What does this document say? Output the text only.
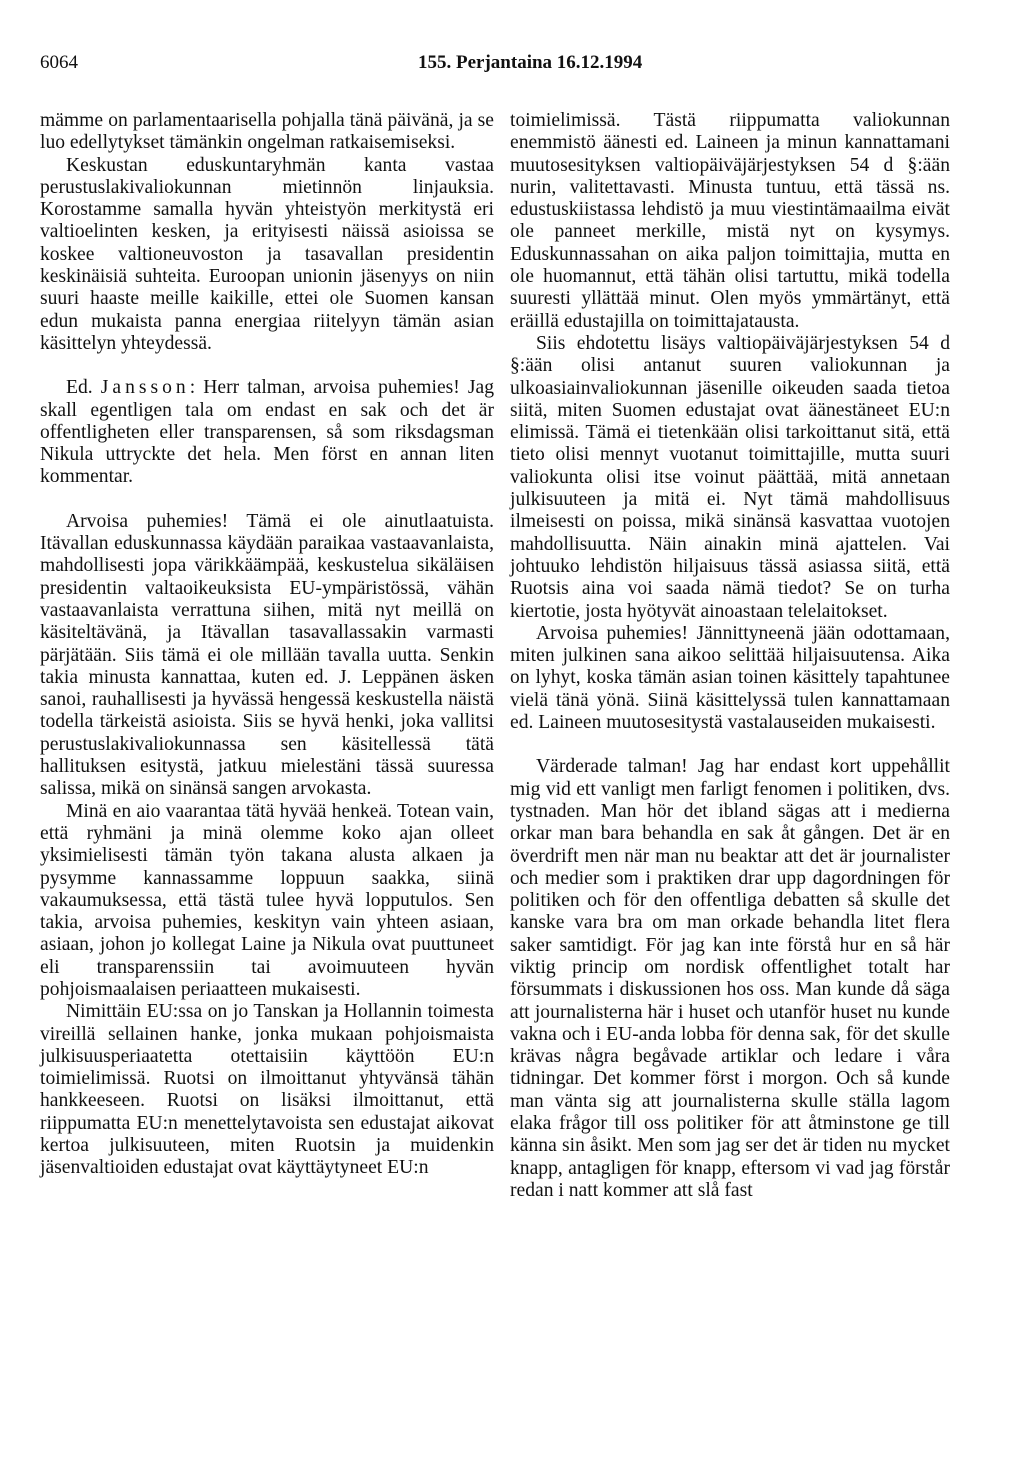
6064	155. Perjantaina 16.12.1994

mämme on parlamentaarisella pohjalla tänä päivänä, ja se luo edellytykset tämänkin ongelman ratkaisemiseksi.

Keskustan eduskuntaryhmän kanta vastaa perustuslakivaliokunnan mietinnön linjauksia. Korostamme samalla hyvän yhteistyön merkitystä eri valtioelinten kesken, ja erityisesti näissä asioissa se koskee valtioneuvoston ja tasavallan presidentin keskinäisiä suhteita. Euroopan unionin jäsenyys on niin suuri haaste meille kaikille, ettei ole Suomen kansan edun mukaista panna energiaa riitelyyn tämän asian käsittelyn yhteydessä.

Ed. Jansson: Herr talman, arvoisa puhemies! Jag skall egentligen tala om endast en sak och det är offentligheten eller transparensen, så som riksdagsman Nikula uttryckte det hela. Men först en annan liten kommentar.

Arvoisa puhemies! Tämä ei ole ainutlaatuista. Itävallan eduskunnassa käydään paraikaa vastaavanlaista, mahdollisesti jopa värikkäämpää, keskustelua sikäläisen presidentin valtaoikeuksista EU-ympäristössä, vähän vastaavanlaista verrattuna siihen, mitä nyt meillä on käsiteltävänä, ja Itävallan tasavallassakin varmasti pärjätään. Siis tämä ei ole millään tavalla uutta. Senkin takia minusta kannattaa, kuten ed. J. Leppänen äsken sanoi, rauhallisesti ja hyvässä hengessä keskustella näistä todella tärkeistä asioista. Siis se hyvä henki, joka vallitsi perustuslakivaliokunnassa sen käsitellessä tätä hallituksen esitystä, jatkuu mielestäni tässä suuressa salissa, mikä on sinänsä sangen arvokasta.

Minä en aio vaarantaa tätä hyvää henkeä. Totean vain, että ryhmäni ja minä olemme koko ajan olleet yksimielisesti tämän työn takana alusta alkaen ja pysymme kannassamme loppuun saakka, siinä vakaumuksessa, että tästä tulee hyvä lopputulos. Sen takia, arvoisa puhemies, keskityn vain yhteen asiaan, asiaan, johon jo kollegat Laine ja Nikula ovat puuttuneet eli transparenssiin tai avoimuuteen hyvän pohjoismaalaisen periaatteen mukaisesti.

Nimittäin EU:ssa on jo Tanskan ja Hollannin toimesta vireillä sellainen hanke, jonka mukaan pohjoismaista julkisuusperiaatetta otettaisiin käyttöön EU:n toimielimissä. Ruotsi on ilmoittanut yhtyvänsä tähän hankkeeseen. Ruotsi on lisäksi ilmoittanut, että riippumatta EU:n menettelytavoista sen edustajat aikovat kertoa julkisuuteen, miten Ruotsin ja muidenkin jäsenvaltioiden edustajat ovat käyttäytyneet EU:n

toimielimissä. Tästä riippumatta valiokunnan enemmistö äänesti ed. Laineen ja minun kannattamani muutosesityksen valtiopäiväjärjestyksen 54 d §:ään nurin, valitettavasti. Minusta tuntuu, että tässä ns. edustuskiistassa lehdistö ja muu viestintämaailma eivät ole panneet merkille, mistä nyt on kysymys. Eduskunnassahan on aika paljon toimittajia, mutta en ole huomannut, että tähän olisi tartuttu, mikä todella suuresti yllättää minut. Olen myös ymmärtänyt, että eräillä edustajilla on toimittajatausta.

Siis ehdotettu lisäys valtiopäiväjärjestyksen 54 d §:ään olisi antanut suuren valiokunnan ja ulkoasiainvaliokunnan jäsenille oikeuden saada tietoa siitä, miten Suomen edustajat ovat äänestäneet EU:n elimissä. Tämä ei tietenkään olisi tarkoittanut sitä, että tieto olisi mennyt vuotanut toimittajille, mutta suuri valiokunta olisi itse voinut päättää, mitä annetaan julkisuuteen ja mitä ei. Nyt tämä mahdollisuus ilmeisesti on poissa, mikä sinänsä kasvattaa vuotojen mahdollisuutta. Näin ainakin minä ajattelen. Vai johtuuko lehdistön hiljaisuus tässä asiassa siitä, että Ruotsis aina voi saada nämä tiedot? Se on turha kiertotie, josta hyötyvät ainoastaan telelaitokset.

Arvoisa puhemies! Jännittyneenä jään odottamaan, miten julkinen sana aikoo selittää hiljaisuutensa. Aika on lyhyt, koska tämän asian toinen käsittely tapahtunee vielä tänä yönä. Siinä käsittelyssä tulen kannattamaan ed. Laineen muutosesitystä vastalauseiden mukaisesti.

Värderade talman! Jag har endast kort uppehållit mig vid ett vanligt men farligt fenomen i politiken, dvs. tystnaden. Man hör det ibland sägas att i medierna orkar man bara behandla en sak åt gången. Det är en överdrift men när man nu beaktar att det är journalister och medier som i praktiken drar upp dagordningen för politiken och för den offentliga debatten så skulle det kanske vara bra om man orkade behandla litet flera saker samtidigt. För jag kan inte förstå hur en så här viktig princip om nordisk offentlighet totalt har försummats i diskussionen hos oss. Man kunde då säga att journalisterna här i huset och utanför huset nu kunde vakna och i EU-anda lobba för denna sak, för det skulle krävas några begåvade artiklar och ledare i våra tidningar. Det kommer först i morgon. Och så kunde man vänta sig att journalisterna skulle ställa lagom elaka frågor till oss politiker för att åtminstone ge till känna sin åsikt. Men som jag ser det är tiden nu mycket knapp, antagligen för knapp, eftersom vi vad jag förstår redan i natt kommer att slå fast
